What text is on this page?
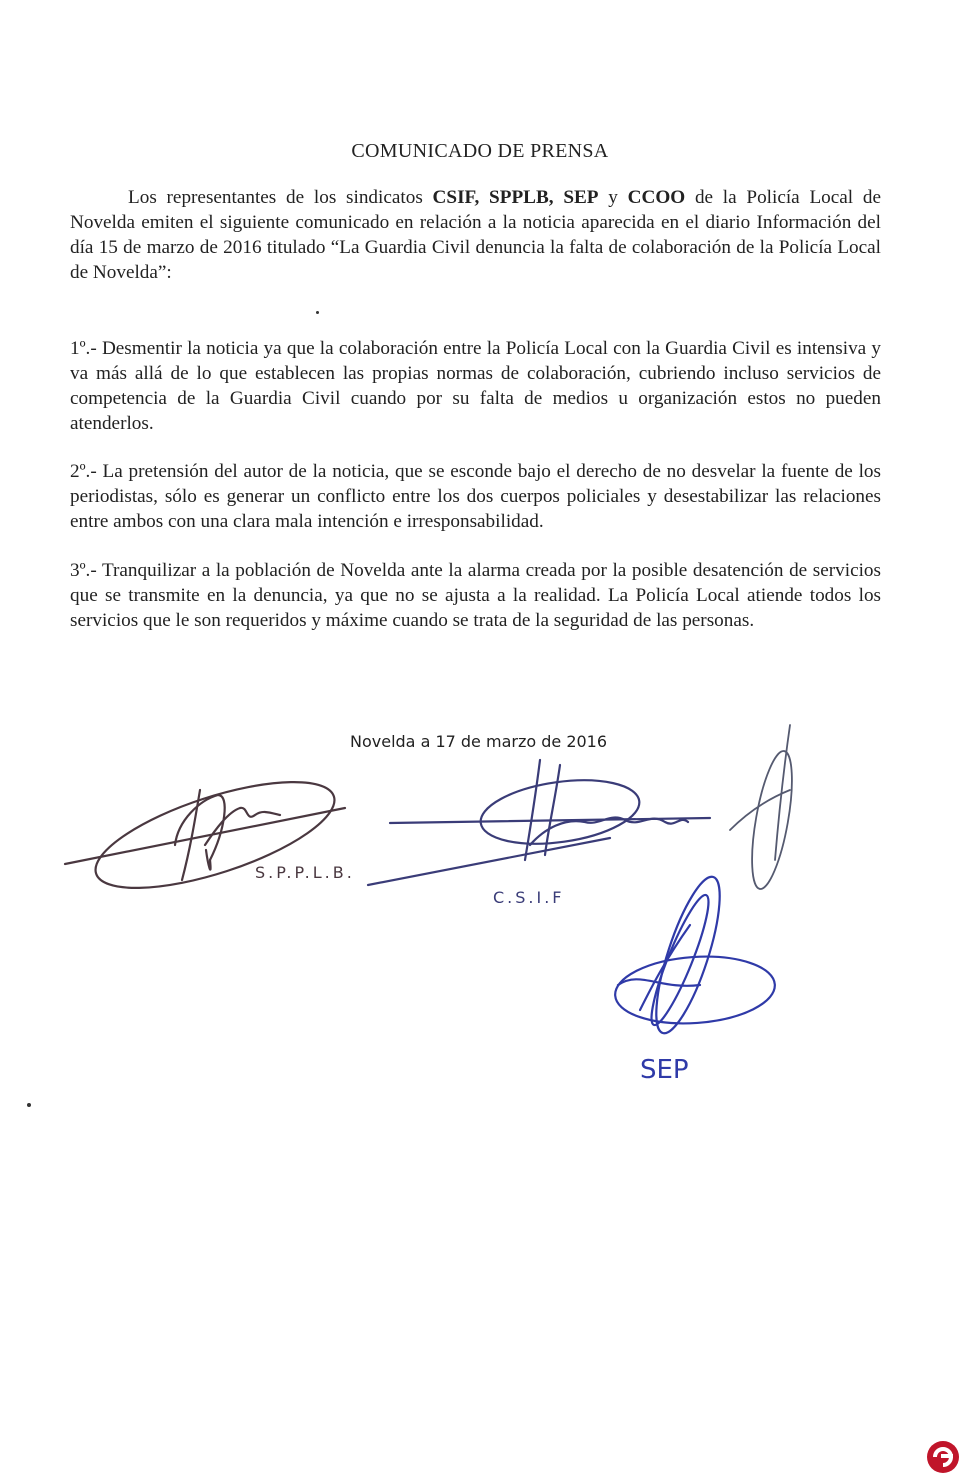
COMUNICADO DE PRENSA
Los representantes de los sindicatos CSIF, SPPLB, SEP y CCOO de la Policía Local de Novelda emiten el siguiente comunicado en relación a la noticia aparecida en el diario Información del día 15 de marzo de 2016 titulado “La Guardia Civil denuncia la falta de colaboración de la Policía Local de Novelda”:
1º.- Desmentir la noticia ya que la colaboración entre la Policía Local con la Guardia Civil es intensiva y va más allá de lo que establecen las propias normas de colaboración, cubriendo incluso servicios de competencia de la Guardia Civil cuando por su falta de medios u organización estos no pueden atenderlos.
2º.- La pretensión del autor de la noticia, que se esconde bajo el derecho de no desvelar la fuente de los periodistas, sólo es generar un conflicto entre los dos cuerpos policiales y desestabilizar las relaciones entre ambos con una clara mala intención e irresponsabilidad.
3º.- Tranquilizar a la población de Novelda ante la alarma creada por la posible desatención de servicios que se transmite en la denuncia, ya que no se ajusta a la realidad. La Policía Local atiende todos los servicios que le son requeridos y máxime cuando se trata de la seguridad de las personas.
Novelda a 17 de marzo de 2016
S.P.P.L.B.
C.S.I.F
SEP
